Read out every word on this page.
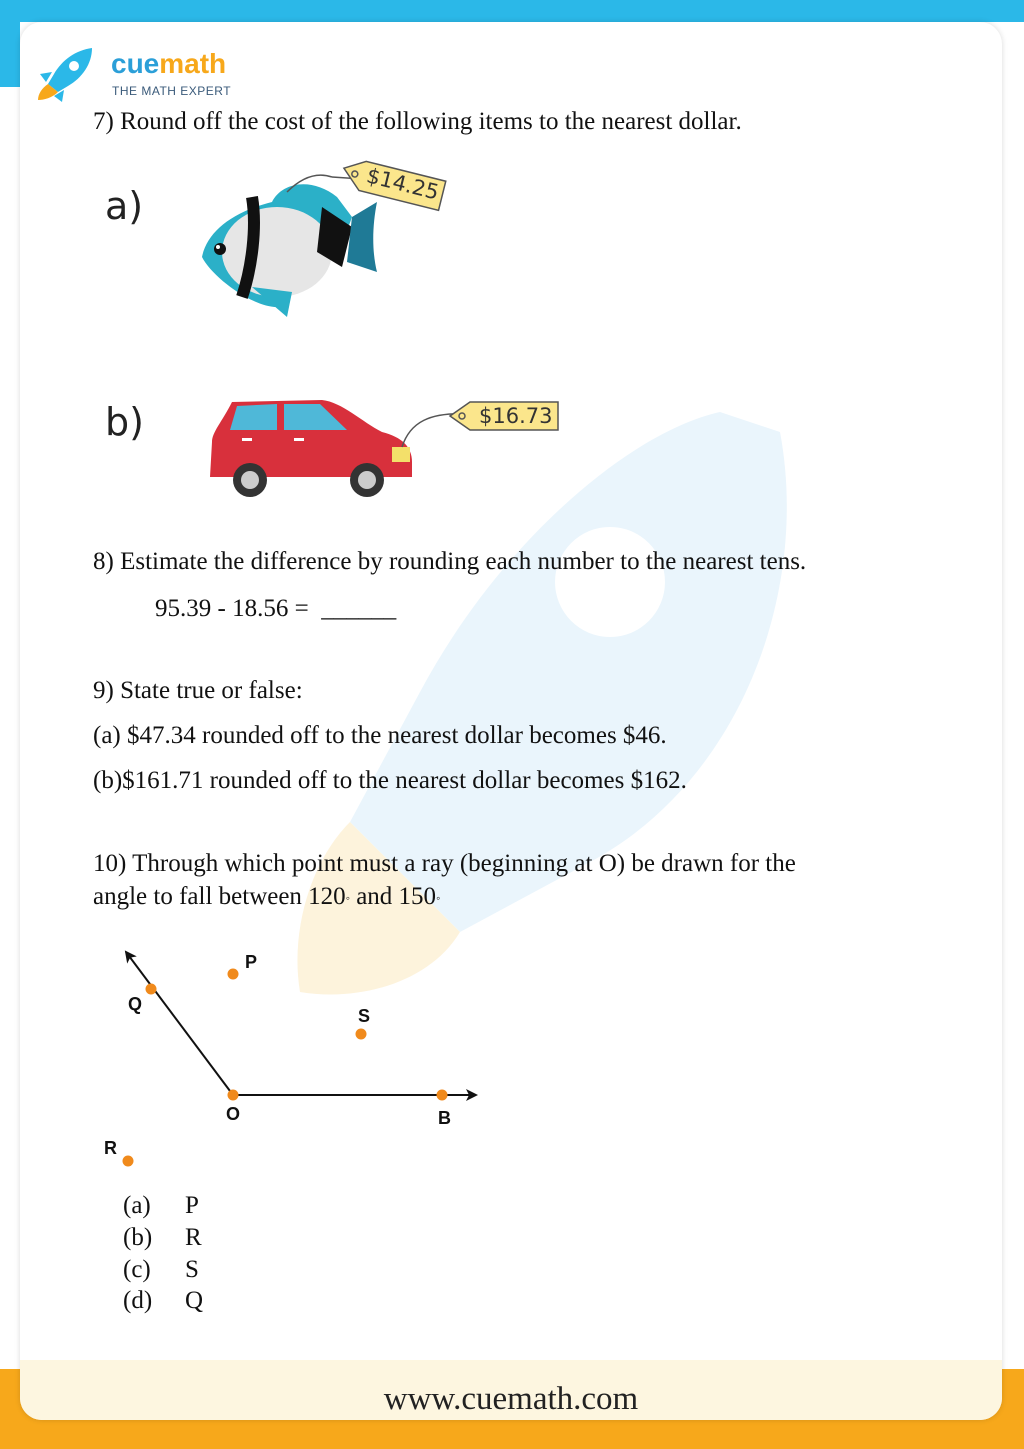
cuemath
THE MATH EXPERT
7) Round off the cost of the following items to the nearest dollar.
a)	$14.25
b)	$16.73
8) Estimate the difference by rounding each number to the nearest tens.
95.39 - 18.56 = ______
9) State true or false:
(a) $47.34 rounded off to the nearest dollar becomes $46.
(b)$161.71 rounded off to the nearest dollar becomes $162.
10) Through which point must a ray (beginning at O) be drawn for the
angle to fall between 120◦ and 150◦
P
Q
S
O	B
R
(a) P
(b) R
(c) S
(d) Q
www.cuemath.com
